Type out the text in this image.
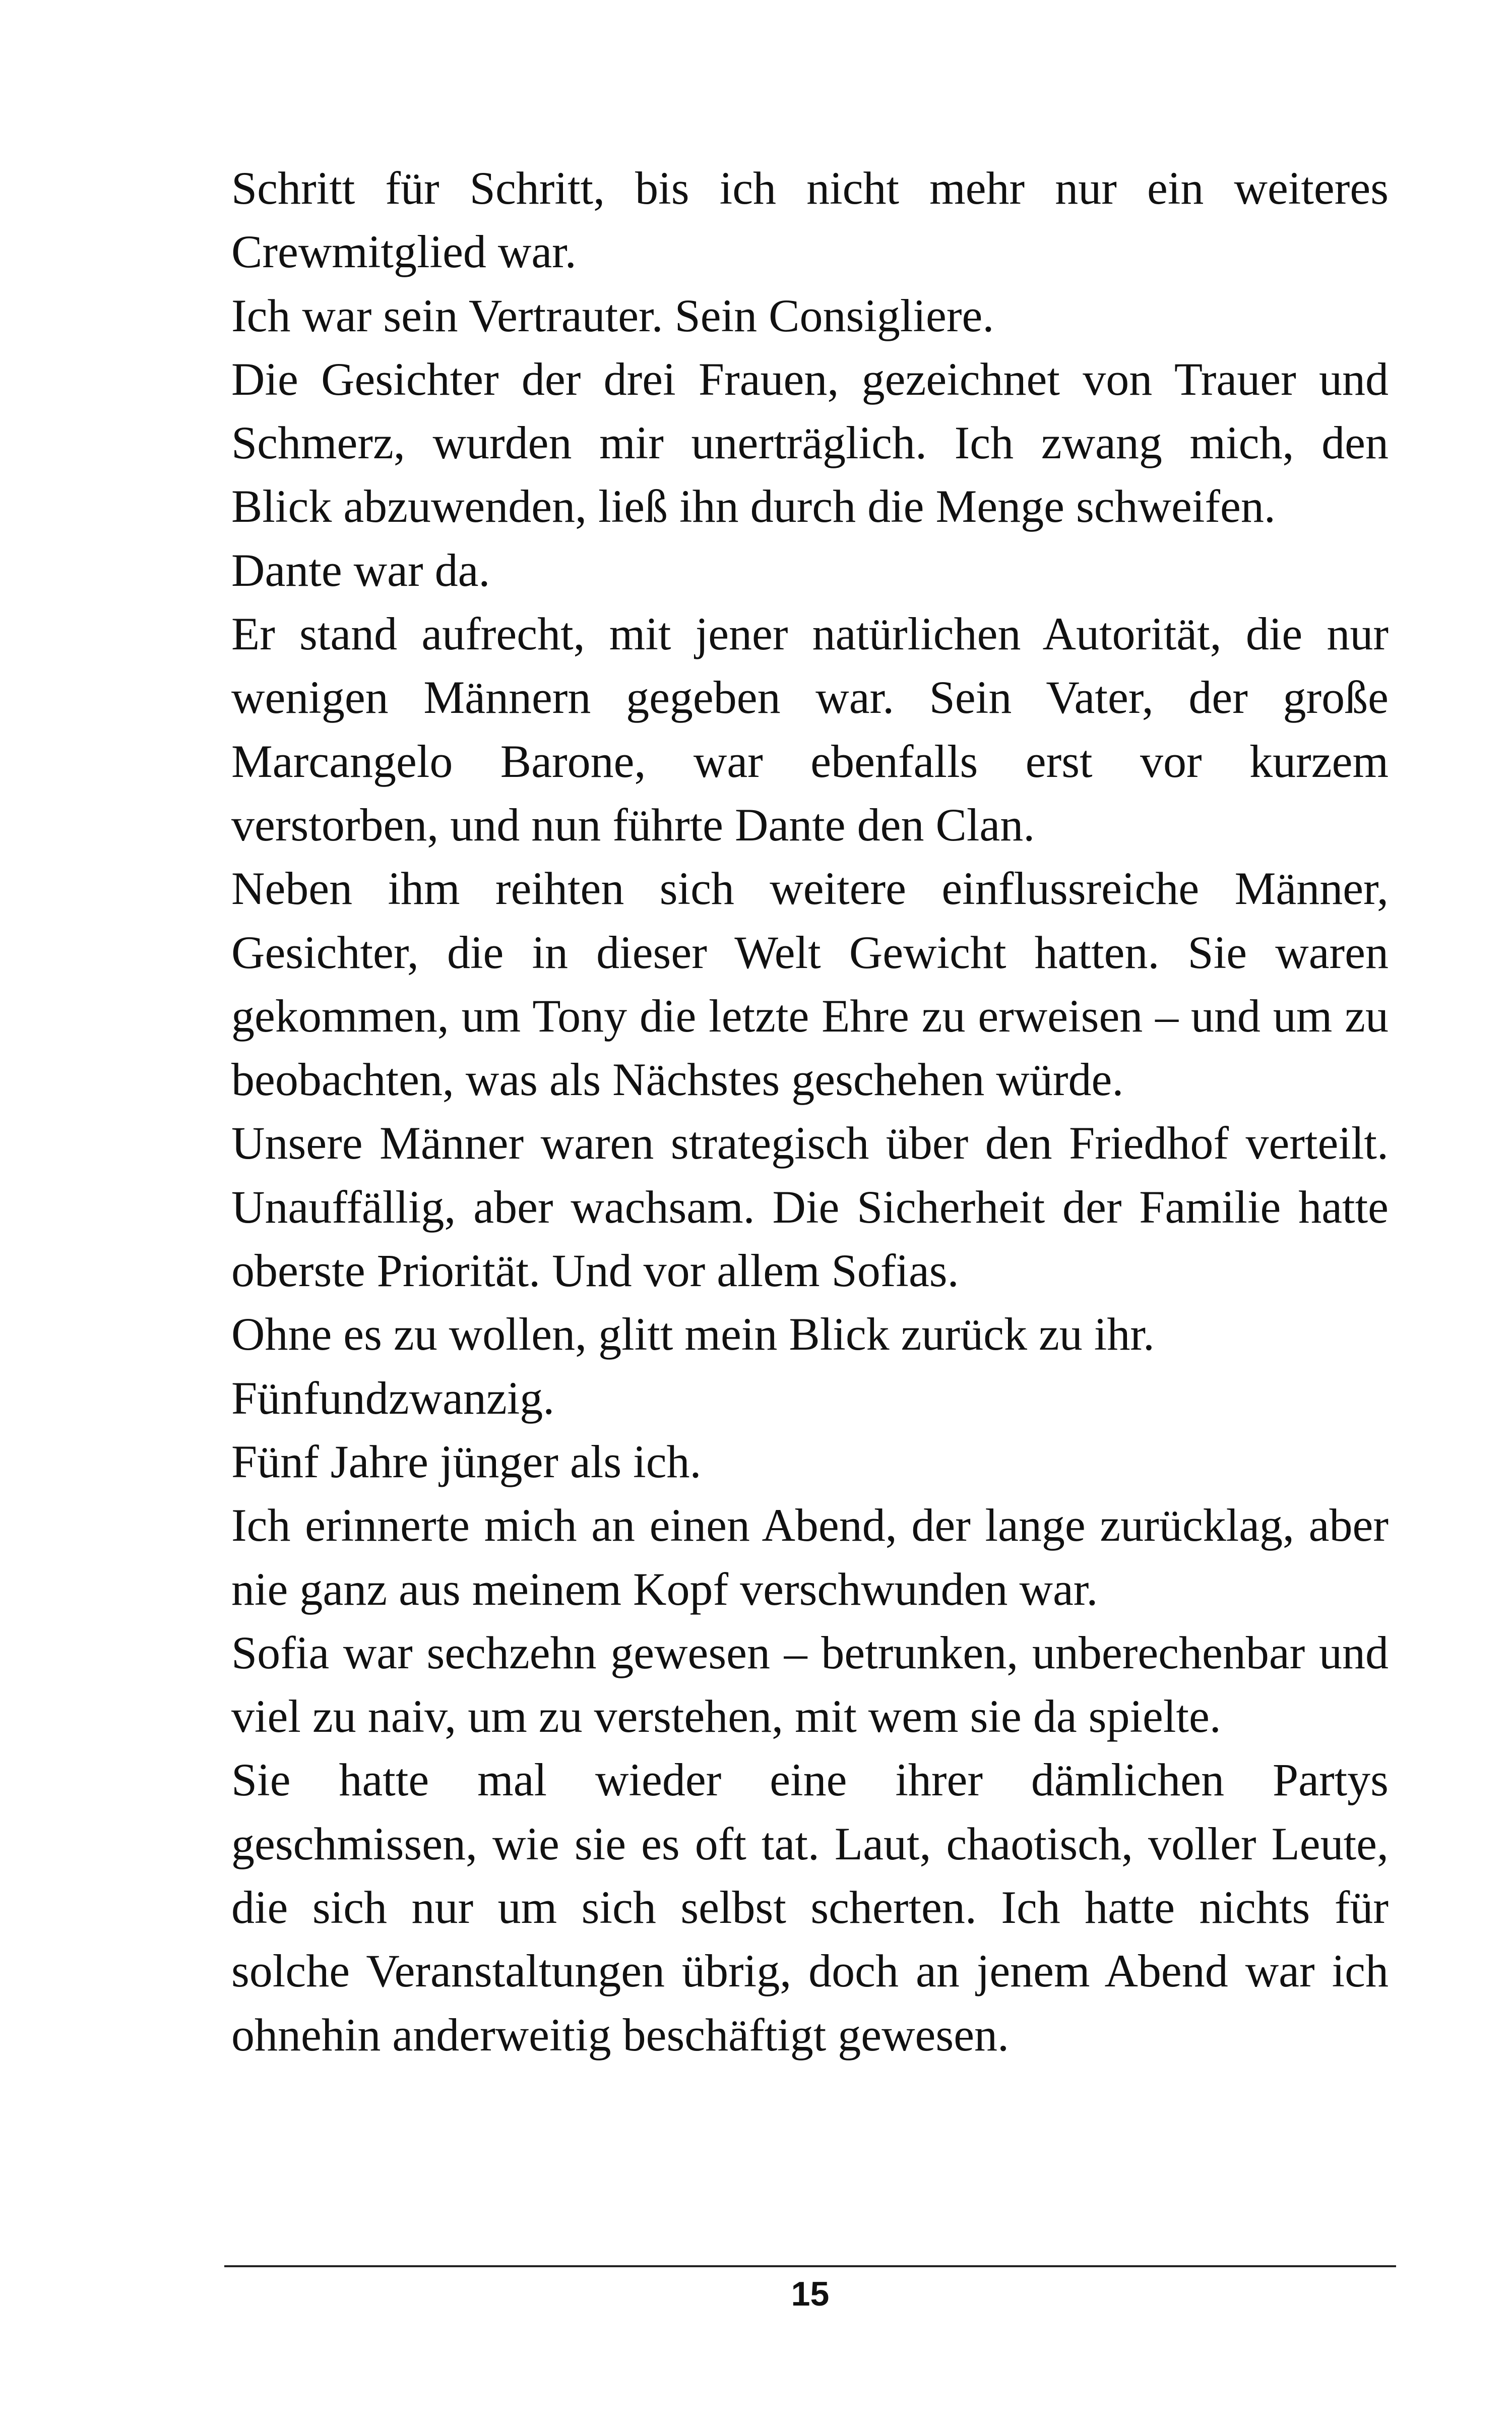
Schritt für Schritt, bis ich nicht mehr nur ein weiteres Crewmitglied war.

Ich war sein Vertrauter. Sein Consigliere.

Die Gesichter der drei Frauen, gezeichnet von Trauer und Schmerz, wurden mir unerträglich. Ich zwang mich, den Blick abzuwenden, ließ ihn durch die Menge schweifen.

Dante war da.

Er stand aufrecht, mit jener natürlichen Autorität, die nur wenigen Männern gegeben war. Sein Vater, der große Marcangelo Barone, war ebenfalls erst vor kurzem verstorben, und nun führte Dante den Clan.

Neben ihm reihten sich weitere einflussreiche Männer, Gesichter, die in dieser Welt Gewicht hatten. Sie waren gekommen, um Tony die letzte Ehre zu erweisen – und um zu beobachten, was als Nächstes geschehen würde.

Unsere Männer waren strategisch über den Friedhof verteilt. Unauffällig, aber wachsam. Die Sicherheit der Familie hatte oberste Priorität. Und vor allem Sofias.

Ohne es zu wollen, glitt mein Blick zurück zu ihr.

Fünfundzwanzig.

Fünf Jahre jünger als ich.

Ich erinnerte mich an einen Abend, der lange zurücklag, aber nie ganz aus meinem Kopf verschwunden war.

Sofia war sechzehn gewesen – betrunken, unberechenbar und viel zu naiv, um zu verstehen, mit wem sie da spielte.

Sie hatte mal wieder eine ihrer dämlichen Partys geschmissen, wie sie es oft tat. Laut, chaotisch, voller Leute, die sich nur um sich selbst scherten. Ich hatte nichts für solche Veranstaltungen übrig, doch an jenem Abend war ich ohnehin anderweitig beschäftigt gewesen.

15
